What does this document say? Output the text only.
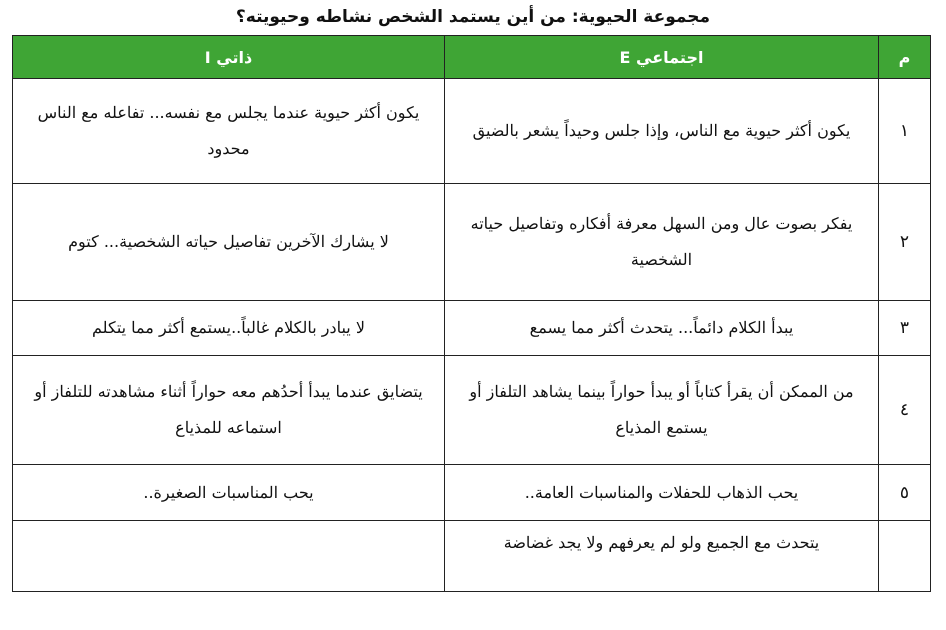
مجموعة الحيوية: من أين يستمد الشخص نشاطه وحيويته؟
م	اجتماعي E	ذاتي I
١	يكون أكثر حيوية مع الناس، وإذا جلس وحيداً يشعر بالضيق	يكون أكثر حيوية عندما يجلس مع نفسه... تفاعله مع الناس محدود
٢	يفكر بصوت عال ومن السهل معرفة أفكاره وتفاصيل حياته الشخصية	لا يشارك الآخرين تفاصيل حياته الشخصية... كتوم
٣	يبدأ الكلام دائماً... يتحدث أكثر مما يسمع	لا يبادر بالكلام غالباً..يستمع أكثر مما يتكلم
٤	من الممكن أن يقرأ كتاباً أو يبدأ حواراً بينما يشاهد التلفاز أو يستمع المذياع	يتضايق عندما يبدأ أحدُهم معه حواراً أثناء مشاهدته للتلفاز أو استماعه للمذياع
٥	يحب الذهاب للحفلات والمناسبات العامة..	يحب المناسبات الصغيرة..
	يتحدث مع الجميع ولو لم يعرفهم ولا يجد غضاضة	
